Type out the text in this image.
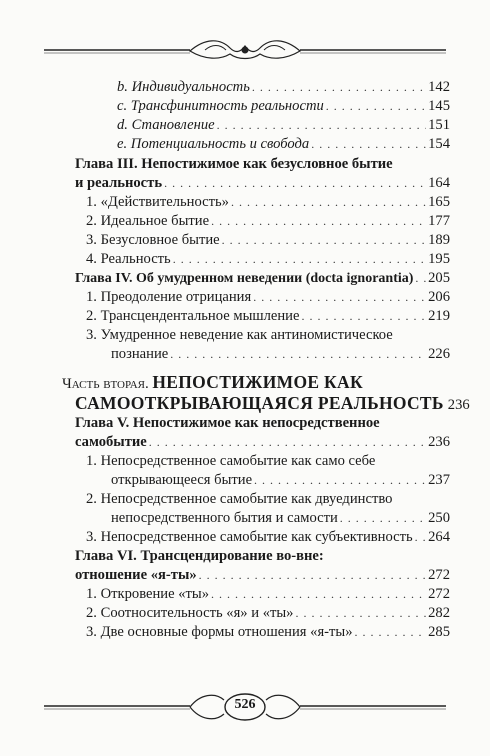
b. Индивидуальность . . .	142
c. Трансфинитность реальности . . .	145
d. Становление . . .	151
e. Потенциальность и свобода . . .	154
Глава III. Непостижимое как безусловное бытие
и реальность . . .	164
1. «Действительность» . . .	165
2. Идеальное бытие . . .	177
3. Безусловное бытие . . .	189
4. Реальность . . .	195
Глава IV. Об умудренном неведении (docta ignorantia) . . . 205
1. Преодоление отрицания . . .	206
2. Трансцендентальное мышление . . .	219
3. Умудренное неведение как антиномистическое
познание . . .	226
Часть вторая. НЕПОСТИЖИМОЕ КАК
САМООТКРЫВАЮЩАЯСЯ РЕАЛЬНОСТЬ 236
Глава V. Непостижимое как непосредственное
самобытие . . .	236
1. Непосредственное самобытие как само себе
открывающееся бытие . . .	237
2. Непосредственное самобытие как двуединство
непосредственного бытия и самости . . .	250
3. Непосредственное самобытие как субъективность . . . 264
Глава VI. Трансцендирование во-вне:
отношение «я-ты» . . .	272
1. Откровение «ты» . . .	272
2. Соотносительность «я» и «ты» . . .	282
3. Две основные формы отношения «я-ты» . . .	285
526
